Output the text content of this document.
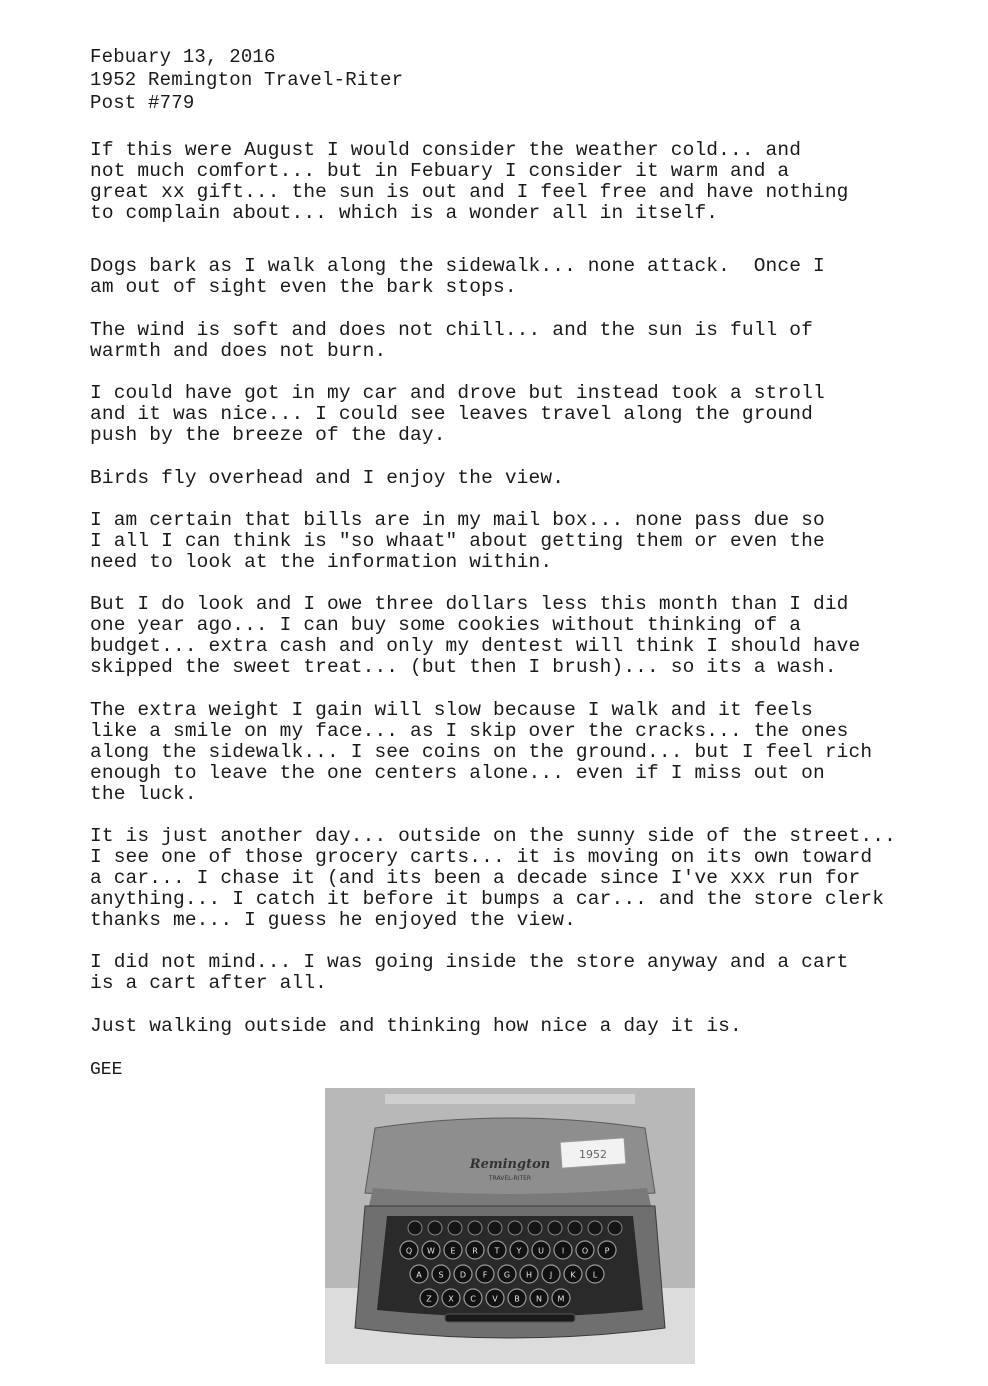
Febuary 13, 2016
1952 Remington Travel-Riter
Post #779
If this were August I would consider the weather cold... and
not much comfort... but in Febuary I consider it warm and a
great xx gift... the sun is out and I feel free and have nothing
to complain about... which is a wonder all in itself.
Dogs bark as I walk along the sidewalk... none attack.  Once I
am out of sight even the bark stops.
The wind is soft and does not chill... and the sun is full of
warmth and does not burn.
I could have got in my car and drove but instead took a stroll
and it was nice... I could see leaves travel along the ground
push by the breeze of the day.
Birds fly overhead and I enjoy the view.
I am certain that bills are in my mail box... none pass due so
I all I can think is "so whaat" about getting them or even the
need to look at the information within.
But I do look and I owe three dollars less this month than I did
one year ago... I can buy some cookies without thinking of a
budget... extra cash and only my dentest will think I should have
skipped the sweet treat... (but then I brush)... so its a wash.
The extra weight I gain will slow because I walk and it feels
like a smile on my face... as I skip over the cracks... the ones
along the sidewalk... I see coins on the ground... but I feel rich
enough to leave the one centers alone... even if I miss out on
the luck.
It is just another day... outside on the sunny side of the street...
I see one of those grocery carts... it is moving on its own toward
a car... I chase it (and its been a decade since I've xxx run for
anything... I catch it before it bumps a car... and the store clerk
thanks me... I guess he enjoyed the view.
I did not mind... I was going inside the store anyway and a cart
is a cart after all.
Just walking outside and thinking how nice a day it is.
GEE
1952
Remington
TRAVEL-RITER
Q W E R T Y U I O P
A S D F G H J K L
Z X C V B N M
